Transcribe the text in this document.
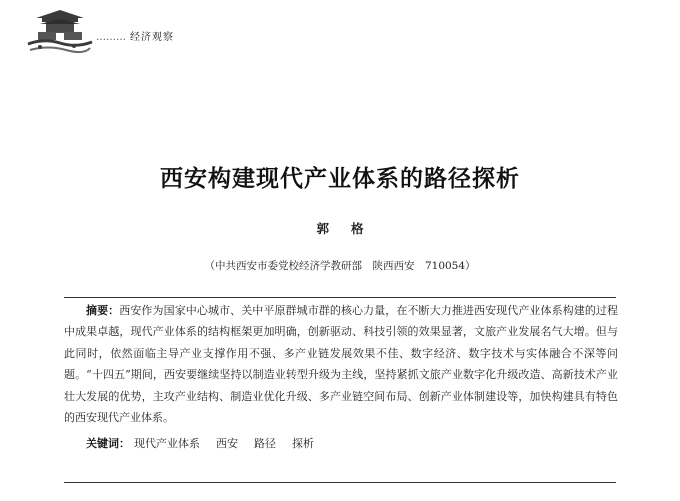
……… 经济观察
西安构建现代产业体系的路径探析
郭 格
（中共西安市委党校经济学教研部　陕西西安　710054）
摘要：西安作为国家中心城市、关中平原群城市群的核心力量，在不断大力推进西安现代产业体系构建的过程中成果卓越，现代产业体系的结构框架更加明确，创新驱动、科技引领的效果显著，文旅产业发展名气大增。但与此同时，依然面临主导产业支撑作用不强、多产业链发展效果不佳、数字经济、数字技术与实体融合不深等问题。“十四五”期间，西安要继续坚持以制造业转型升级为主线，坚持紧抓文旅产业数字化升级改造、高新技术产业壮大发展的优势，主攻产业结构、制造业优化升级、多产业链空间布局、创新产业体制建设等，加快构建具有特色的西安现代产业体系。
关键词： 现代产业体系 西安 路径 探析
